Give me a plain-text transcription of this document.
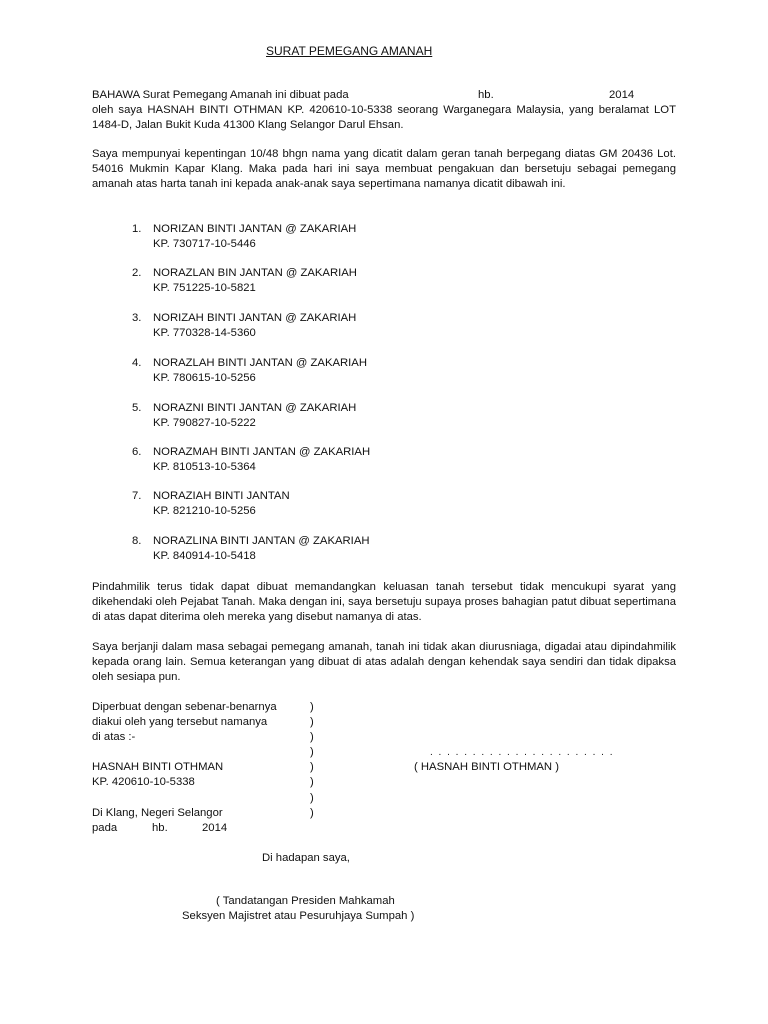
SURAT PEMEGANG AMANAH
BAHAWA Surat Pemegang Amanah ini dibuat pada	hb.	2014
oleh saya HASNAH BINTI OTHMAN KP. 420610-10-5338 seorang Warganegara Malaysia, yang beralamat LOT 1484-D, Jalan Bukit Kuda 41300 Klang Selangor Darul Ehsan.
Saya mempunyai kepentingan 10/48 bhgn nama yang dicatit dalam geran tanah berpegang diatas GM 20436 Lot. 54016 Mukmin Kapar Klang. Maka pada hari ini saya membuat pengakuan dan bersetuju sebagai pemegang amanah atas harta tanah ini kepada anak-anak saya sepertimana namanya dicatit dibawah ini.
1. NORIZAN BINTI JANTAN @ ZAKARIAH
KP. 730717-10-5446
2. NORAZLAN BIN JANTAN @ ZAKARIAH
KP. 751225-10-5821
3. NORIZAH BINTI JANTAN @ ZAKARIAH
KP. 770328-14-5360
4. NORAZLAH BINTI JANTAN @ ZAKARIAH
KP. 780615-10-5256
5. NORAZNI BINTI JANTAN @ ZAKARIAH
KP. 790827-10-5222
6. NORAZMAH BINTI JANTAN @ ZAKARIAH
KP. 810513-10-5364
7. NORAZIAH BINTI JANTAN
KP. 821210-10-5256
8. NORAZLINA BINTI JANTAN @ ZAKARIAH
KP. 840914-10-5418
Pindahmilik terus tidak dapat dibuat memandangkan keluasan tanah tersebut tidak mencukupi syarat yang dikehendaki oleh Pejabat Tanah. Maka dengan ini, saya bersetuju supaya proses bahagian patut dibuat sepertimana di atas dapat diterima oleh mereka yang disebut namanya di atas.
Saya berjanji dalam masa sebagai pemegang amanah, tanah ini tidak akan diurusniaga, digadai atau dipindahmilik kepada orang lain. Semua keterangan yang dibuat di atas adalah dengan kehendak saya sendiri dan tidak dipaksa oleh sesiapa pun.
Diperbuat dengan sebenar-benarnya
diakui oleh yang tersebut namanya
di atas :-
HASNAH BINTI OTHMAN
KP. 420610-10-5338
Di Klang, Negeri Selangor
pada	hb.	2014
)
)
)
)
)
)
)
)
. . . . . . . . . . . . . . . . . . . . . .
( HASNAH BINTI OTHMAN )
Di hadapan saya,
( Tandatangan Presiden Mahkamah
Seksyen Majistret atau Pesuruhjaya Sumpah )
